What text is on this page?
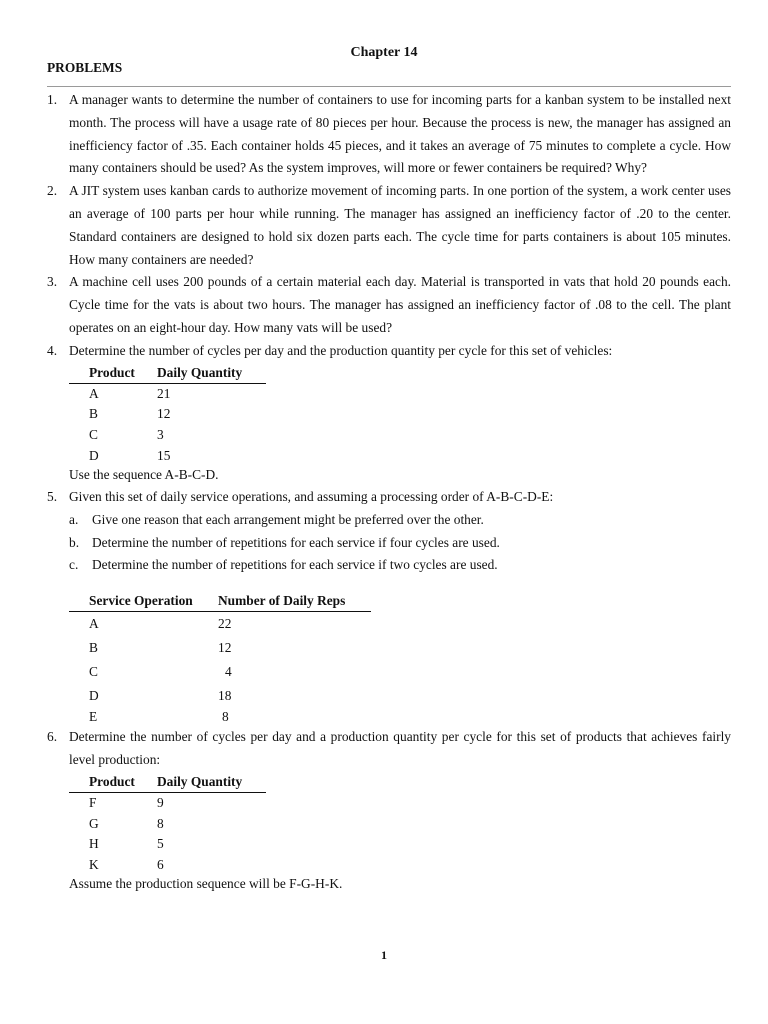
Chapter 14
PROBLEMS
1. A manager wants to determine the number of containers to use for incoming parts for a kanban system to be installed next month. The process will have a usage rate of 80 pieces per hour. Because the process is new, the manager has assigned an inefficiency factor of .35. Each container holds 45 pieces, and it takes an average of 75 minutes to complete a cycle. How many containers should be used? As the system improves, will more or fewer containers be required? Why?
2. A JIT system uses kanban cards to authorize movement of incoming parts. In one portion of the system, a work center uses an average of 100 parts per hour while running. The manager has assigned an inefficiency factor of .20 to the center. Standard containers are designed to hold six dozen parts each. The cycle time for parts containers is about 105 minutes. How many containers are needed?
3. A machine cell uses 200 pounds of a certain material each day. Material is transported in vats that hold 20 pounds each. Cycle time for the vats is about two hours. The manager has assigned an inefficiency factor of .08 to the cell. The plant operates on an eight-hour day. How many vats will be used?
4. Determine the number of cycles per day and the production quantity per cycle for this set of vehicles:
Product	Daily Quantity
A	21
B	12
C	3
D	15
Use the sequence A-B-C-D.
5. Given this set of daily service operations, and assuming a processing order of A-B-C-D-E:
a.	Give one reason that each arrangement might be preferred over the other.
b. Determine the number of repetitions for each service if four cycles are used.
c.	Determine the number of repetitions for each service if two cycles are used.
Service Operation	Number of Daily Reps
A	22
B	12
C	4
D	18
E	8
6. Determine the number of cycles per day and a production quantity per cycle for this set of products that achieves fairly level production:
Product	Daily Quantity
F	9
G	8
H	5
K	6
Assume the production sequence will be F-G-H-K.
1
